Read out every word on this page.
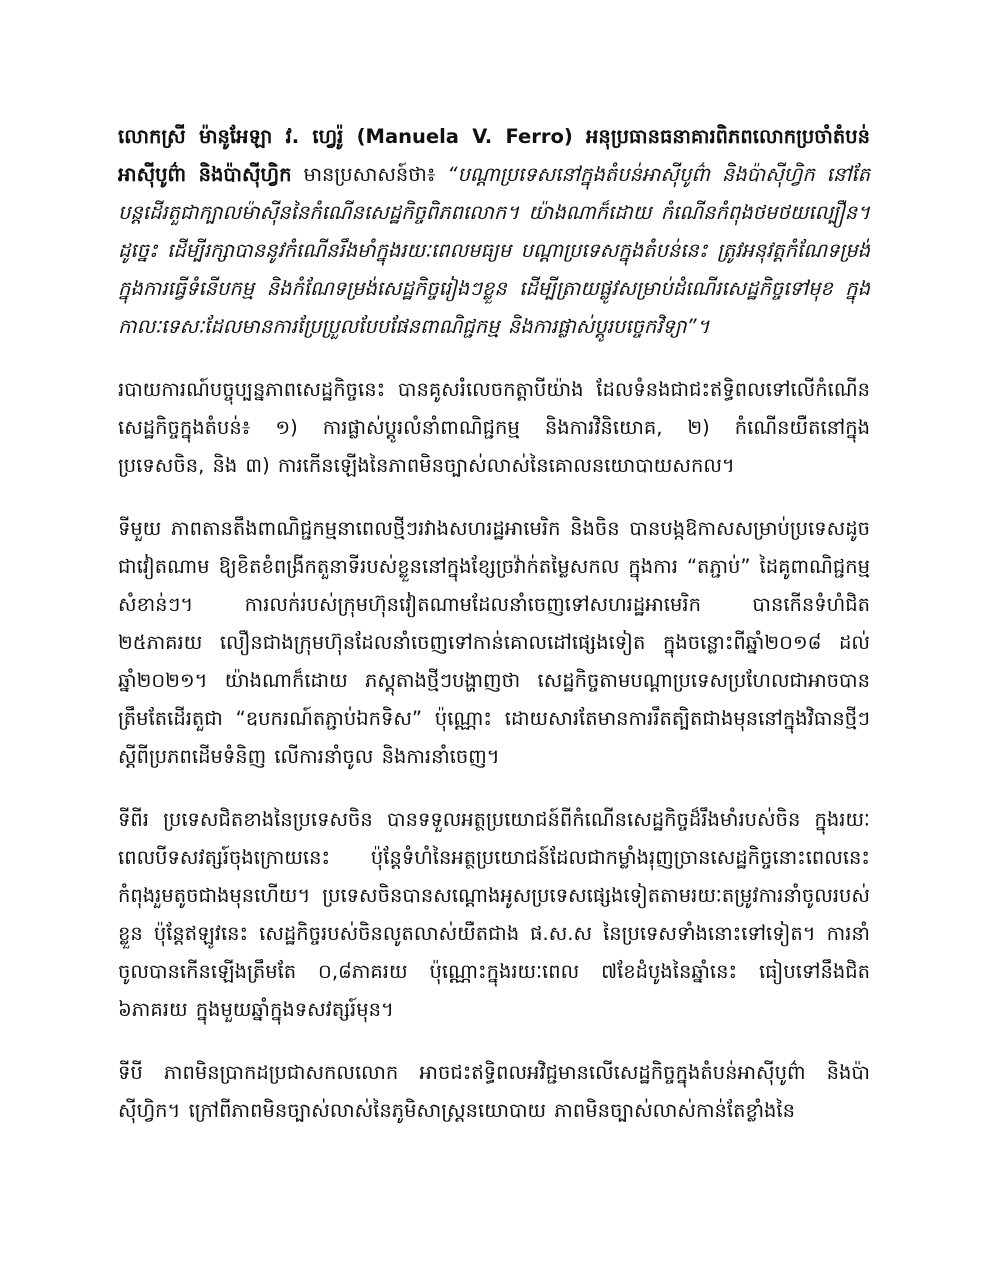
លោកស្រី ម៉ានូអែឡា វ. ហ្វេរ៉ូ (Manuela V. Ferro) អនុប្រធានធនាគារពិភពលោកប្រចាំតំបន់អាស៊ីបូព៌ា និងប៉ាស៊ីហ្វិក មានប្រសាសន៍ថា៖ “បណ្តាប្រទេសនៅក្នុងតំបន់អាស៊ីបូព៌ា និងប៉ាស៊ីហ្វិក នៅតែបន្តដើរតួជាក្បាលម៉ាស៊ីននៃកំណើនសេដ្ឋកិច្ចពិភពលោក។ យ៉ាងណាក៏ដោយ កំណើនកំពុងថមថយល្បឿន។ ដូច្នេះ ដើម្បីរក្សាបាននូវកំណើនរឹងមាំក្នុងរយៈពេលមធ្យម បណ្តាប្រទេសក្នុងតំបន់នេះ ត្រូវអនុវត្តកំណែទម្រង់ក្នុងការធ្វើទំនើបកម្ម និងកំណែទម្រង់សេដ្ឋកិច្ចរៀងៗខ្លួន ដើម្បីត្រាយផ្លូវសម្រាប់ដំណើរសេដ្ឋកិច្ចទៅមុខ ក្នុងកាលៈទេសៈដែលមានការប្រែប្រួលបែបផែនពាណិជ្ជកម្ម និងការផ្លាស់ប្តូរបច្ចេកវិទ្យា”។

របាយការណ៍បច្ចុប្បន្នភាពសេដ្ឋកិច្ចនេះ បានគូសរំលេចកត្តាបីយ៉ាង ដែលទំនងជាជះឥទ្ធិពលទៅលើកំណើនសេដ្ឋកិច្ចក្នុងតំបន់៖ ១) ការផ្លាស់ប្តូរលំនាំពាណិជ្ជកម្ម និងការវិនិយោគ, ២) កំណើនយឺតនៅក្នុងប្រទេសចិន, និង ៣) ការកើនឡើងនៃភាពមិនច្បាស់លាស់នៃគោលនយោបាយសកល។

ទីមួយ ភាពតានតឹងពាណិជ្ជកម្មនាពេលថ្មីៗរវាងសហរដ្ឋអាមេរិក និងចិន បានបង្កឱកាសសម្រាប់ប្រទេសដូចជាវៀតណាម ឱ្យខិតខំពង្រីកតួនាទីរបស់ខ្លួននៅក្នុងខ្សែច្រវ៉ាក់តម្លៃសកល ក្នុងការ “តភ្ជាប់” ដៃគូពាណិជ្ជកម្មសំខាន់ៗ។ ការលក់របស់ក្រុមហ៊ុនវៀតណាមដែលនាំចេញទៅសហរដ្ឋអាមេរិក បានកើនទំហំជិត ២៥ភាគរយ លឿនជាងក្រុមហ៊ុនដែលនាំចេញទៅកាន់គោលដៅផ្សេងទៀត ក្នុងចន្លោះពីឆ្នាំ២០១៨ ដល់ឆ្នាំ២០២១។ យ៉ាងណាក៏ដោយ ភស្តុតាងថ្មីៗបង្ហាញថា សេដ្ឋកិច្ចតាមបណ្តាប្រទេសប្រហែលជាអាចបានត្រឹមតែដើរតួជា “ឧបករណ៍តភ្ជាប់ឯកទិស” ប៉ុណ្ណោះ ដោយសារតែមានការរឹតត្បិតជាងមុននៅក្នុងវិធានថ្មីៗស្តីពីប្រភពដើមទំនិញ លើការនាំចូល និងការនាំចេញ។

ទីពីរ ប្រទេសជិតខាងនៃប្រទេសចិន បានទទួលអត្ថប្រយោជន៍ពីកំណើនសេដ្ឋកិច្ចដ៏រឹងមាំរបស់ចិន ក្នុងរយៈពេលបីទសវត្សរ៍ចុងក្រោយនេះ ប៉ុន្តែទំហំនៃអត្ថប្រយោជន៍ដែលជាកម្លាំងរុញច្រានសេដ្ឋកិច្ចនោះពេលនេះ កំពុងរួមតូចជាងមុនហើយ។ ប្រទេសចិនបានសណ្តោងអូសប្រទេសផ្សេងទៀតតាមរយៈតម្រូវការនាំចូលរបស់ខ្លួន ប៉ុន្តែឥឡូវនេះ សេដ្ឋកិច្ចរបស់ចិនលូតលាស់យឺតជាង ផ.ស.ស នៃប្រទេសទាំងនោះទៅទៀត។ ការនាំចូលបានកើនឡើងត្រឹមតែ ០,៨ភាគរយ ប៉ុណ្ណោះក្នុងរយៈពេល ៧ខែដំបូងនៃឆ្នាំនេះ ធៀបទៅនឹងជិត ៦ភាគរយ ក្នុងមួយឆ្នាំក្នុងទសវត្សរ៍មុន។

ទីបី ភាពមិនប្រាកដប្រជាសកលលោក អាចជះឥទ្ធិពលអវិជ្ជមានលើសេដ្ឋកិច្ចក្នុងតំបន់អាស៊ីបូព៌ា និងប៉ាស៊ីហ្វិក។ ក្រៅពីភាពមិនច្បាស់លាស់នៃភូមិសាស្ត្រនយោបាយ ភាពមិនច្បាស់លាស់កាន់តែខ្លាំងនៃ
